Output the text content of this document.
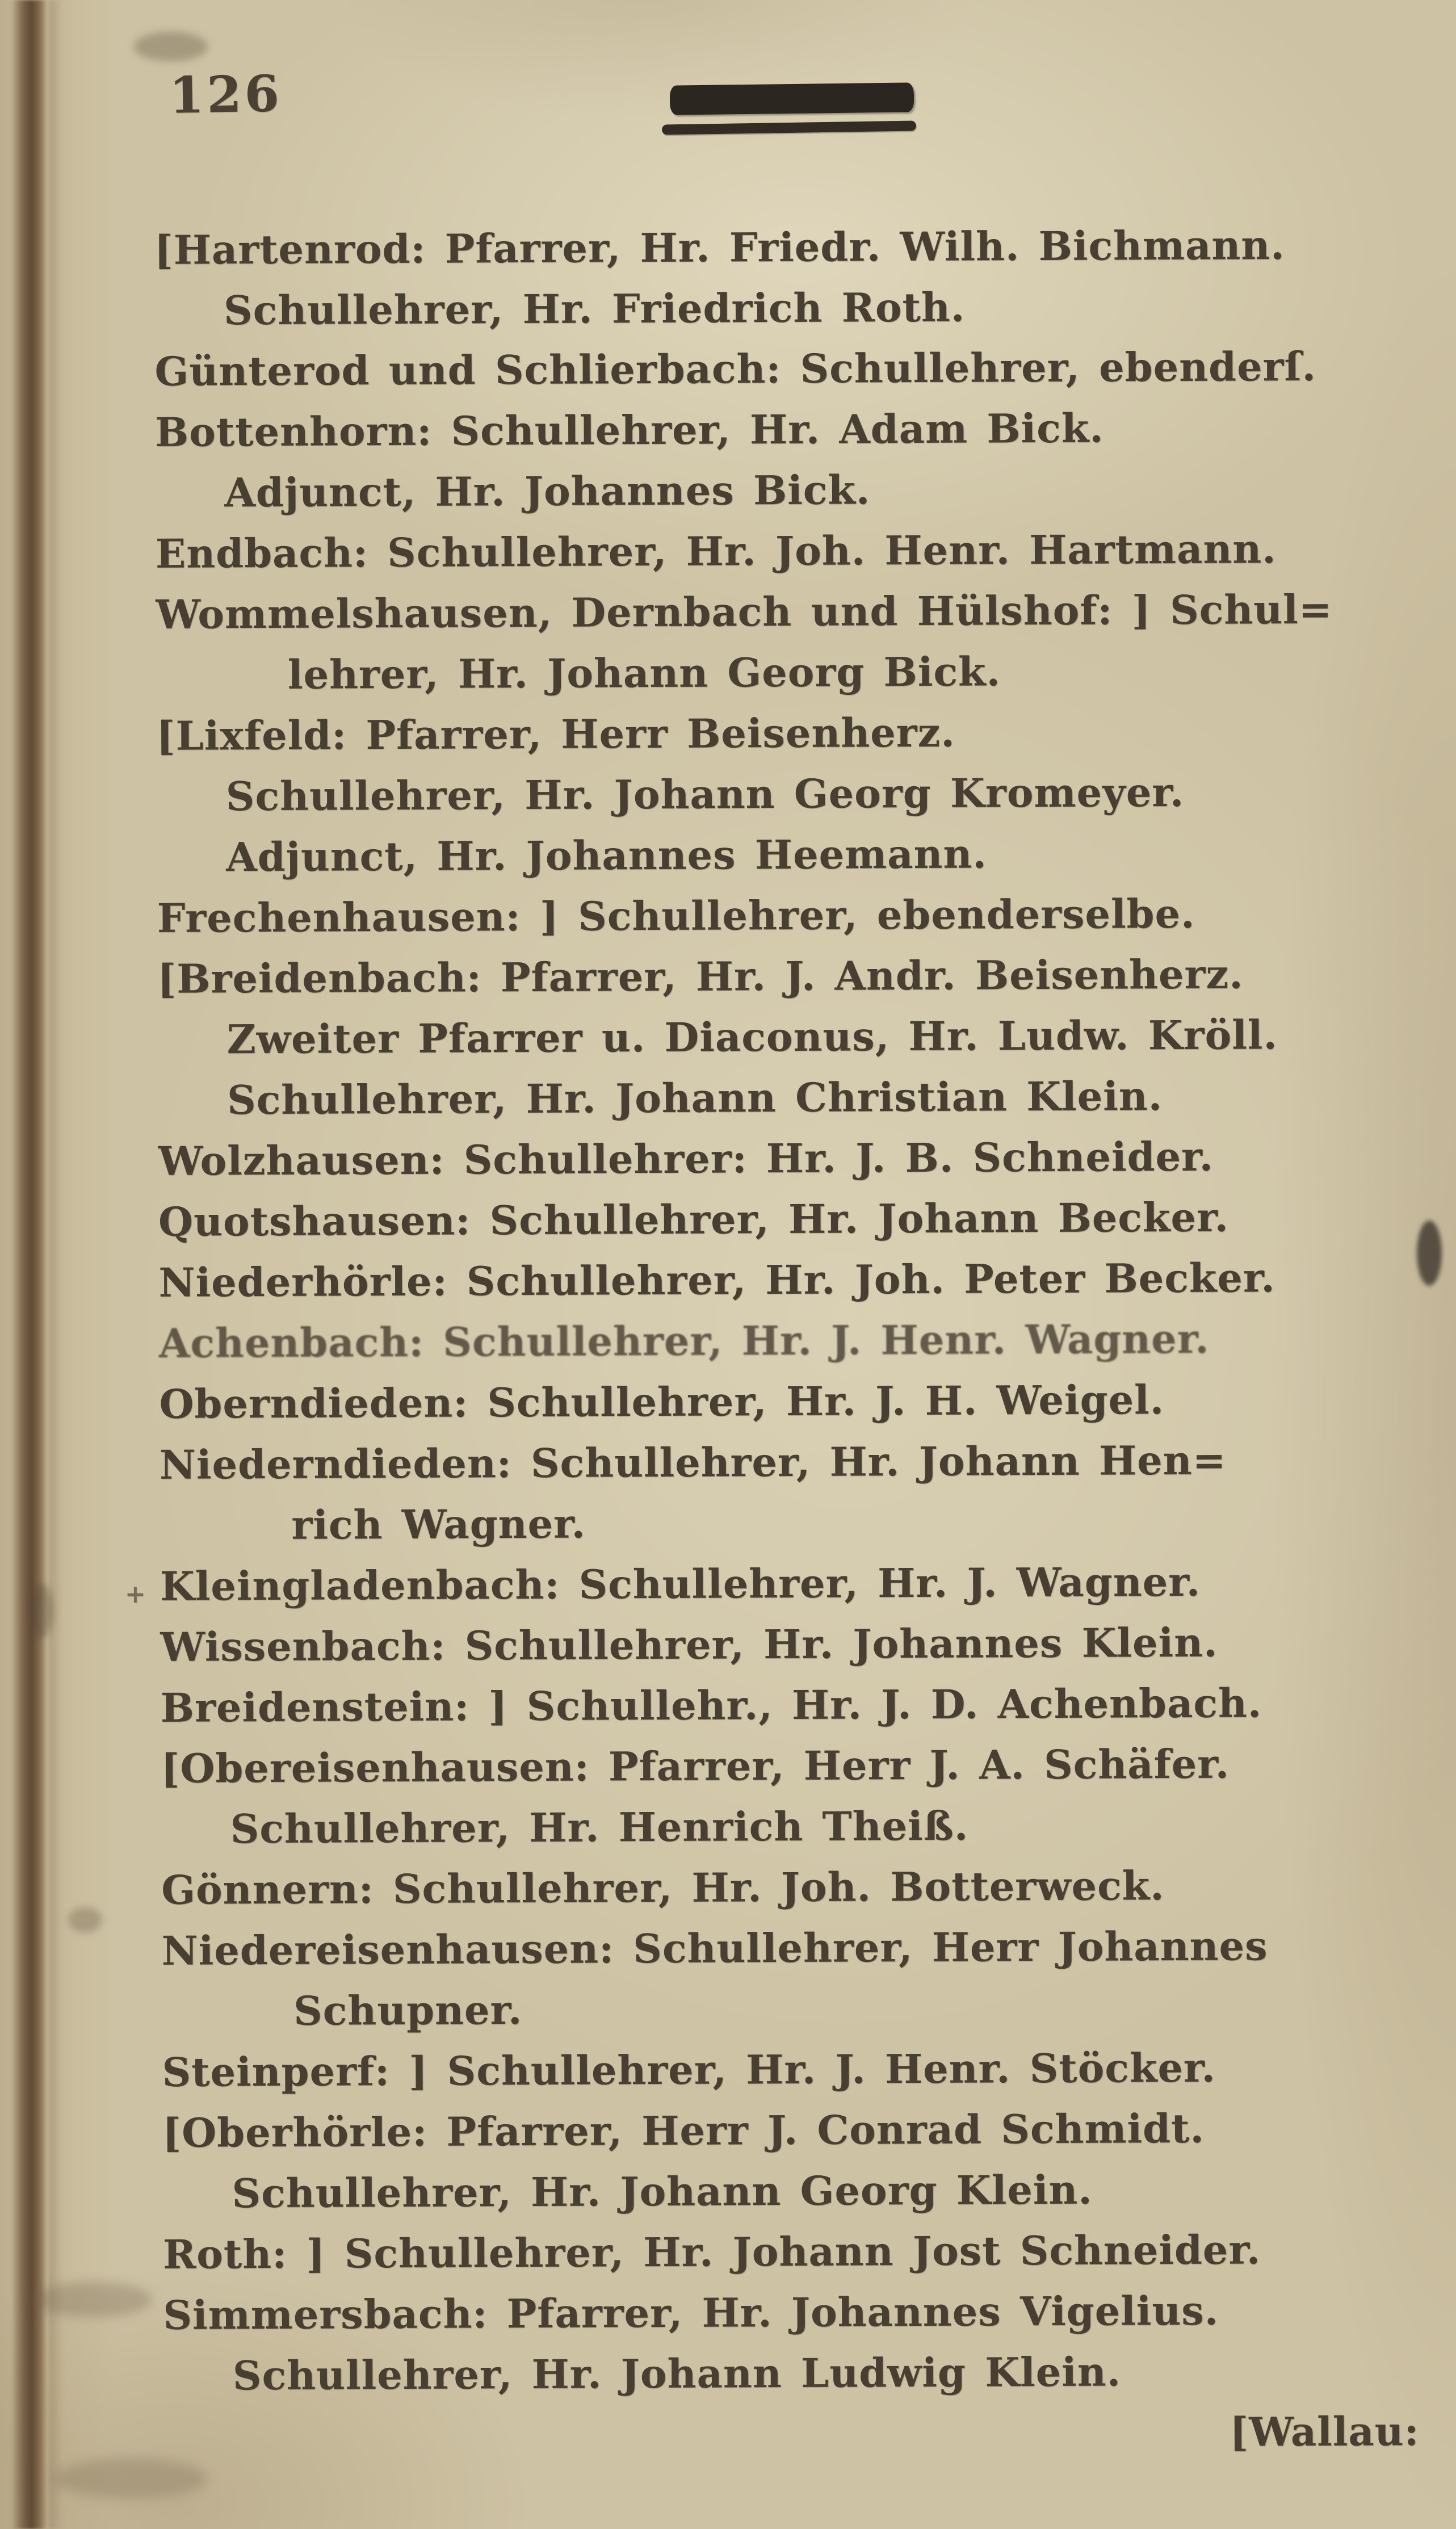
126
[Hartenrod: Pfarrer, Hr. Friedr. Wilh. Bichmann.
Schullehrer, Hr. Friedrich Roth.
Günterod und Schlierbach: Schullehrer, ebenderſ.
Bottenhorn: Schullehrer, Hr. Adam Bick.
Adjunct, Hr. Johannes Bick.
Endbach: Schullehrer, Hr. Joh. Henr. Hartmann.
Wommelshausen, Dernbach und Hülshof: ] Schul=
lehrer, Hr. Johann Georg Bick.
[Lixfeld: Pfarrer, Herr Beisenherz.
Schullehrer, Hr. Johann Georg Kromeyer.
Adjunct, Hr. Johannes Heemann.
Frechenhausen: ] Schullehrer, ebenderselbe.
[Breidenbach: Pfarrer, Hr. J. Andr. Beisenherz.
Zweiter Pfarrer u. Diaconus, Hr. Ludw. Kröll.
Schullehrer, Hr. Johann Christian Klein.
Wolzhausen: Schullehrer: Hr. J. B. Schneider.
Quotshausen: Schullehrer, Hr. Johann Becker.
Niederhörle: Schullehrer, Hr. Joh. Peter Becker.
Achenbach: Schullehrer, Hr. J. Henr. Wagner.
Oberndieden: Schullehrer, Hr. J. H. Weigel.
Niederndieden: Schullehrer, Hr. Johann Hen=
rich Wagner.
+ Kleingladenbach: Schullehrer, Hr. J. Wagner.
Wissenbach: Schullehrer, Hr. Johannes Klein.
Breidenstein: ] Schullehr., Hr. J. D. Achenbach.
[Obereisenhausen: Pfarrer, Herr J. A. Schäfer.
Schullehrer, Hr. Henrich Theiß.
Gönnern: Schullehrer, Hr. Joh. Botterweck.
Niedereisenhausen: Schullehrer, Herr Johannes
Schupner.
Steinperf: ] Schullehrer, Hr. J. Henr. Stöcker.
[Oberhörle: Pfarrer, Herr J. Conrad Schmidt.
Schullehrer, Hr. Johann Georg Klein.
Roth: ] Schullehrer, Hr. Johann Jost Schneider.
Simmersbach: Pfarrer, Hr. Johannes Vigelius.
Schullehrer, Hr. Johann Ludwig Klein.
[Wallau:
